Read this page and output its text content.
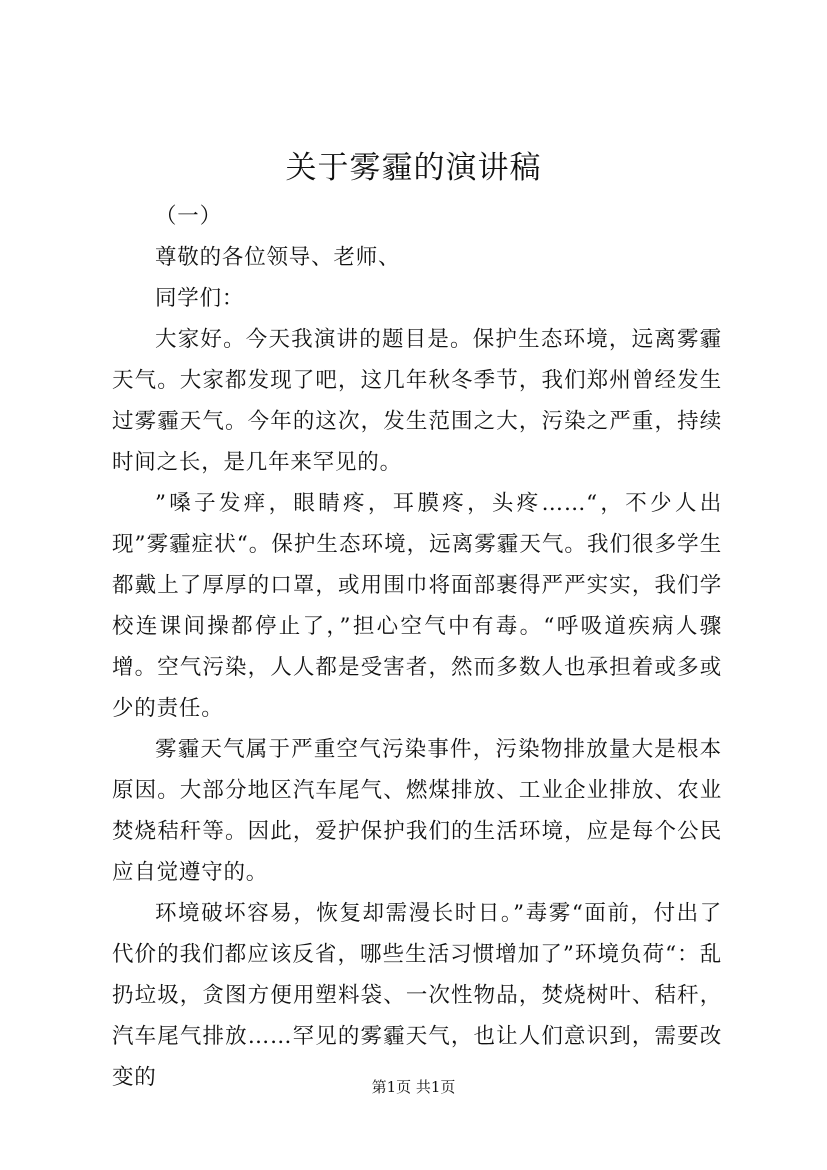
关于雾霾的演讲稿

（一）

尊敬的各位领导、老师、

同学们：

大家好。今天我演讲的题目是。保护生态环境，远离雾霾天气。大家都发现了吧，这几年秋冬季节，我们郑州曾经发生过雾霾天气。今年的这次，发生范围之大，污染之严重，持续时间之长，是几年来罕见的。

”嗓子发痒，眼睛疼，耳膜疼，头疼……“，不少人出现”雾霾症状“。保护生态环境，远离雾霾天气。我们很多学生都戴上了厚厚的口罩，或用围巾将面部裹得严严实实，我们学校连课间操都停止了，”担心空气中有毒。“呼吸道疾病人骤增。空气污染，人人都是受害者，然而多数人也承担着或多或少的责任。

雾霾天气属于严重空气污染事件，污染物排放量大是根本原因。大部分地区汽车尾气、燃煤排放、工业企业排放、农业焚烧秸秆等。因此，爱护保护我们的生活环境，应是每个公民应自觉遵守的。

环境破坏容易，恢复却需漫长时日。”毒雾“面前，付出了代价的我们都应该反省，哪些生活习惯增加了”环境负荷“：乱扔垃圾，贪图方便用塑料袋、一次性物品，焚烧树叶、秸秆，汽车尾气排放……罕见的雾霾天气，也让人们意识到，需要改变的	第1页 共1页
